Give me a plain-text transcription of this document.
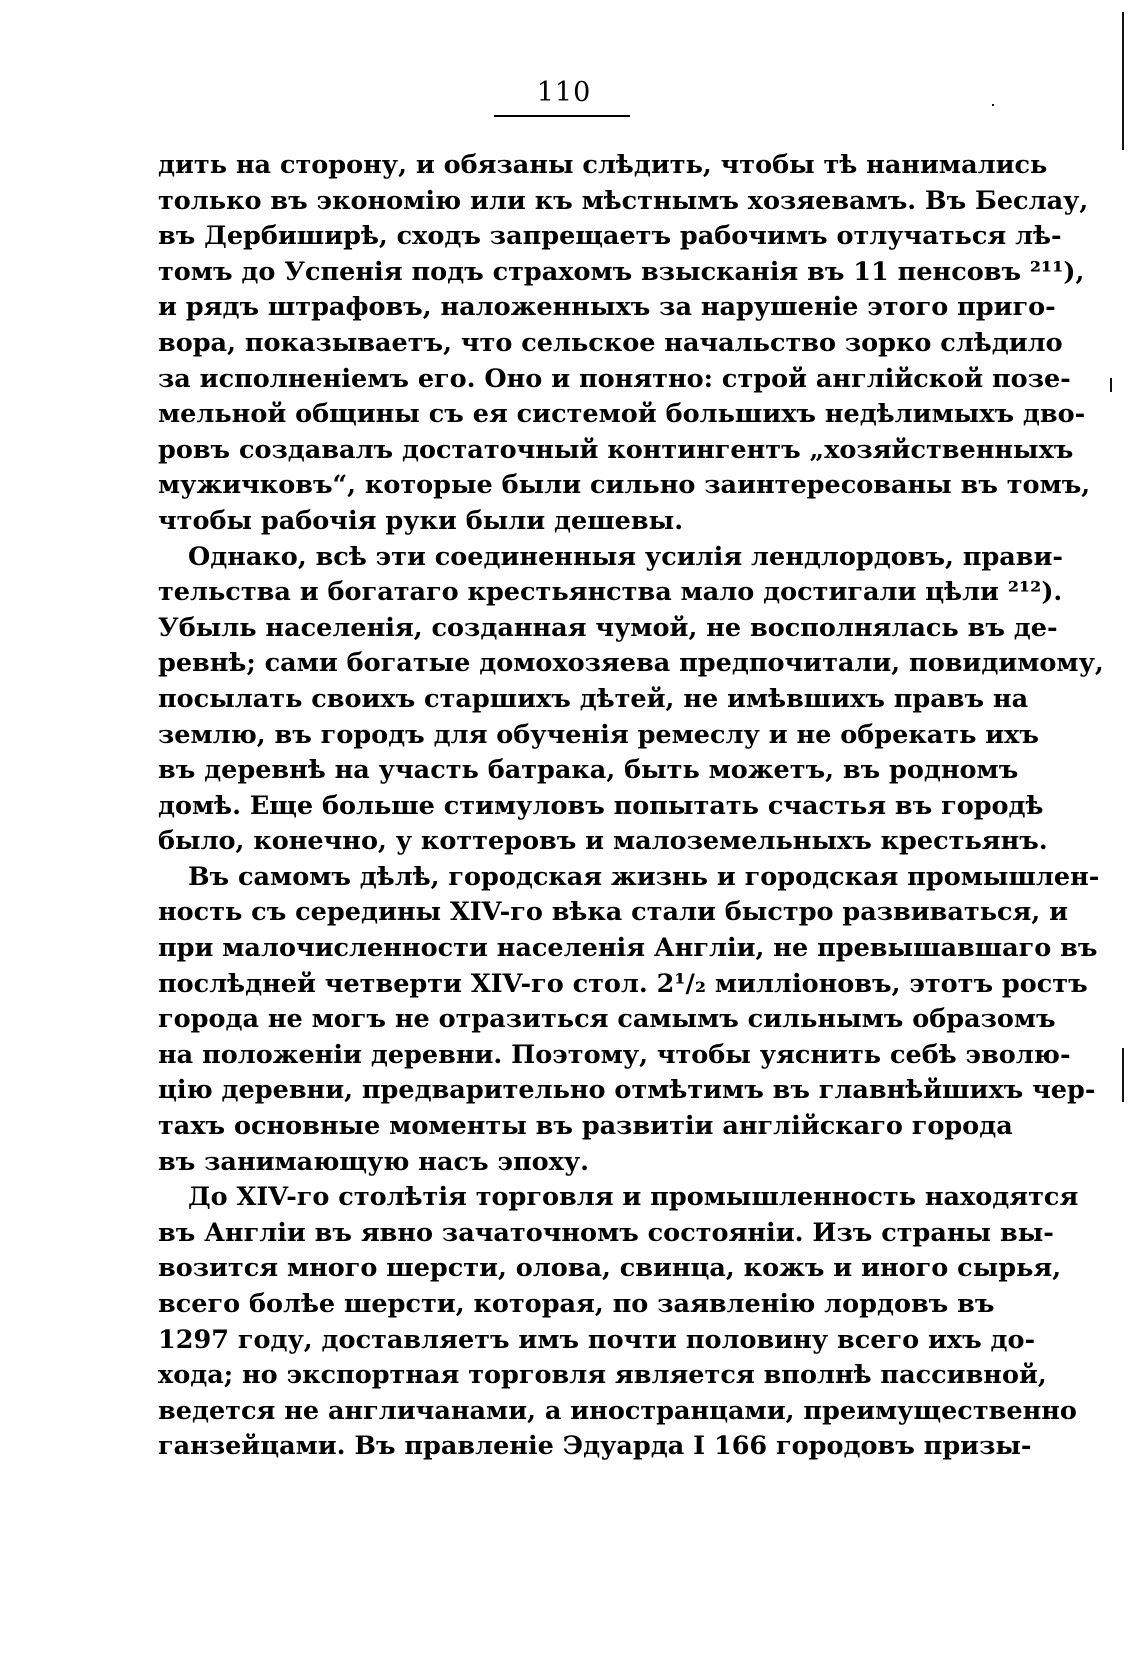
110
дить на сторону, и обязаны слѣдить, чтобы тѣ нанимались
только въ экономію или къ мѣстнымъ хозяевамъ. Въ Беслау,
въ Дербиширѣ, сходъ запрещаетъ рабочимъ отлучаться лѣ-
томъ до Успенія подъ страхомъ взысканія въ 11 пенсовъ ²¹¹),
и рядъ штрафовъ, наложенныхъ за нарушеніе этого приго-
вора, показываетъ, что сельское начальство зорко слѣдило
за исполненіемъ его. Оно и понятно: строй англійской позе-
мельной общины съ ея системой большихъ недѣлимыхъ дво-
ровъ создавалъ достаточный контингентъ „хозяйственныхъ
мужичковъ“, которые были сильно заинтересованы въ томъ,
чтобы рабочія руки были дешевы.
Однако, всѣ эти соединенныя усилія лендлордовъ, прави-
тельства и богатаго крестьянства мало достигали цѣли ²¹²).
Убыль населенія, созданная чумой, не восполнялась въ де-
ревнѣ; сами богатые домохозяева предпочитали, повидимому,
посылать своихъ старшихъ дѣтей, не имѣвшихъ правъ на
землю, въ городъ для обученія ремеслу и не обрекать ихъ
въ деревнѣ на участь батрака, быть можетъ, въ родномъ
домѣ. Еще больше стимуловъ попытать счастья въ городѣ
было, конечно, у коттеровъ и малоземельныхъ крестьянъ.
Въ самомъ дѣлѣ, городская жизнь и городская промышлен-
ность съ середины XIV-го вѣка стали быстро развиваться, и
при малочисленности населенія Англіи, не превышавшаго въ
послѣдней четверти XIV-го стол. 2¹/₂ милліоновъ, этотъ ростъ
города не могъ не отразиться самымъ сильнымъ образомъ
на положеніи деревни. Поэтому, чтобы уяснить себѣ эволю-
цію деревни, предварительно отмѣтимъ въ главнѣйшихъ чер-
тахъ основные моменты въ развитіи англійскаго города
въ занимающую насъ эпоху.
До XIV-го столѣтія торговля и промышленность находятся
въ Англіи въ явно зачаточномъ состояніи. Изъ страны вы-
возится много шерсти, олова, свинца, кожъ и иного сырья,
всего болѣе шерсти, которая, по заявленію лордовъ въ
1297 году, доставляетъ имъ почти половину всего ихъ до-
хода; но экспортная торговля является вполнѣ пассивной,
ведется не англичанами, а иностранцами, преимущественно
ганзейцами. Въ правленіе Эдуарда I 166 городовъ призы-
